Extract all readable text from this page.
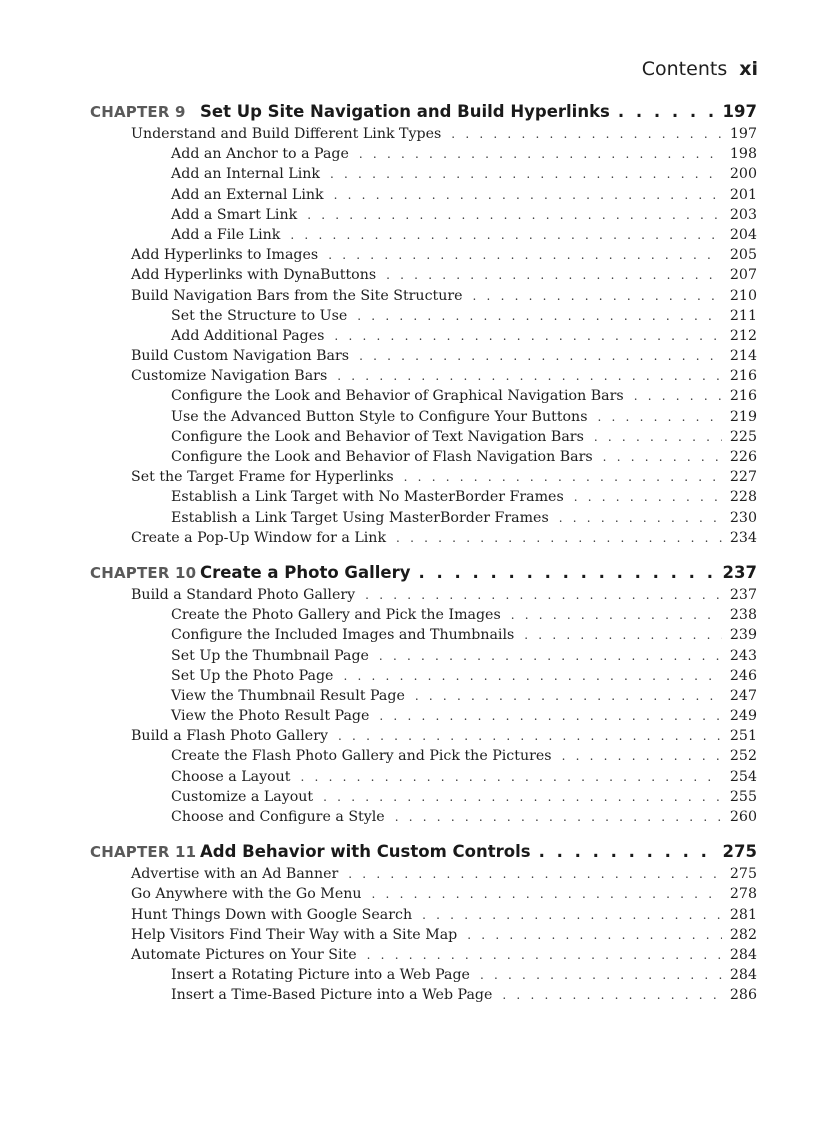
Contents xi
CHAPTER 9 Set Up Site Navigation and Build Hyperlinks . . .	197
Understand and Build Different Link Types . . .	197
Add an Anchor to a Page . . .	198
Add an Internal Link . . .	200
Add an External Link . . .	201
Add a Smart Link . . .	203
Add a File Link . . .	204
Add Hyperlinks to Images . . .	205
Add Hyperlinks with DynaButtons . . .	207
Build Navigation Bars from the Site Structure . . .	210
Set the Structure to Use . . .	211
Add Additional Pages . . .	212
Build Custom Navigation Bars . . .	214
Customize Navigation Bars . . .	216
Configure the Look and Behavior of Graphical Navigation Bars . . .	216
Use the Advanced Button Style to Configure Your Buttons . . .	219
Configure the Look and Behavior of Text Navigation Bars . . .	225
Configure the Look and Behavior of Flash Navigation Bars . . .	226
Set the Target Frame for Hyperlinks . . .	227
Establish a Link Target with No MasterBorder Frames . . .	228
Establish a Link Target Using MasterBorder Frames . . .	230
Create a Pop-Up Window for a Link . . .	234
CHAPTER 10 Create a Photo Gallery . . .	237
Build a Standard Photo Gallery . . .	237
Create the Photo Gallery and Pick the Images . . .	238
Configure the Included Images and Thumbnails . . .	239
Set Up the Thumbnail Page . . .	243
Set Up the Photo Page . . .	246
View the Thumbnail Result Page . . .	247
View the Photo Result Page . . .	249
Build a Flash Photo Gallery . . .	251
Create the Flash Photo Gallery and Pick the Pictures . . .	252
Choose a Layout . . .	254
Customize a Layout . . .	255
Choose and Configure a Style . . .	260
CHAPTER 11 Add Behavior with Custom Controls . . .	275
Advertise with an Ad Banner . . .	275
Go Anywhere with the Go Menu . . .	278
Hunt Things Down with Google Search . . .	281
Help Visitors Find Their Way with a Site Map . . .	282
Automate Pictures on Your Site . . .	284
Insert a Rotating Picture into a Web Page . . .	284
Insert a Time-Based Picture into a Web Page . . .	286
